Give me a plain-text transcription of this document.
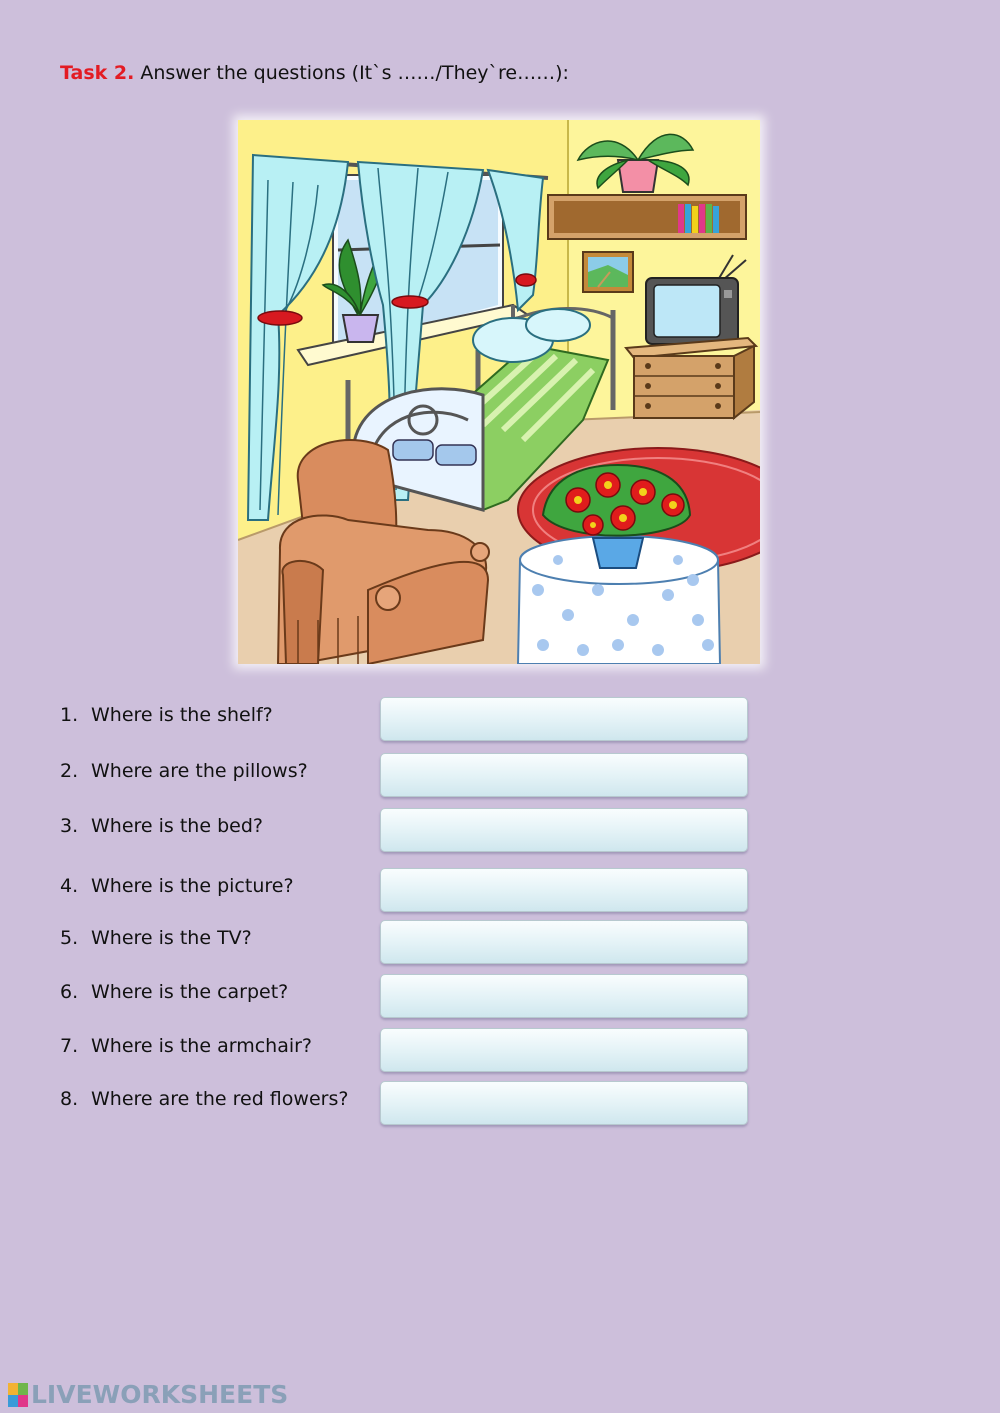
Task 2. Answer the questions (It`s ……/They`re……):
1. Where is the shelf?
2. Where are the pillows?
3. Where is the bed?
4. Where is the picture?
5. Where is the TV?
6. Where is the carpet?
7. Where is the armchair?
8. Where are the red flowers?
LIVEWORKSHEETS
